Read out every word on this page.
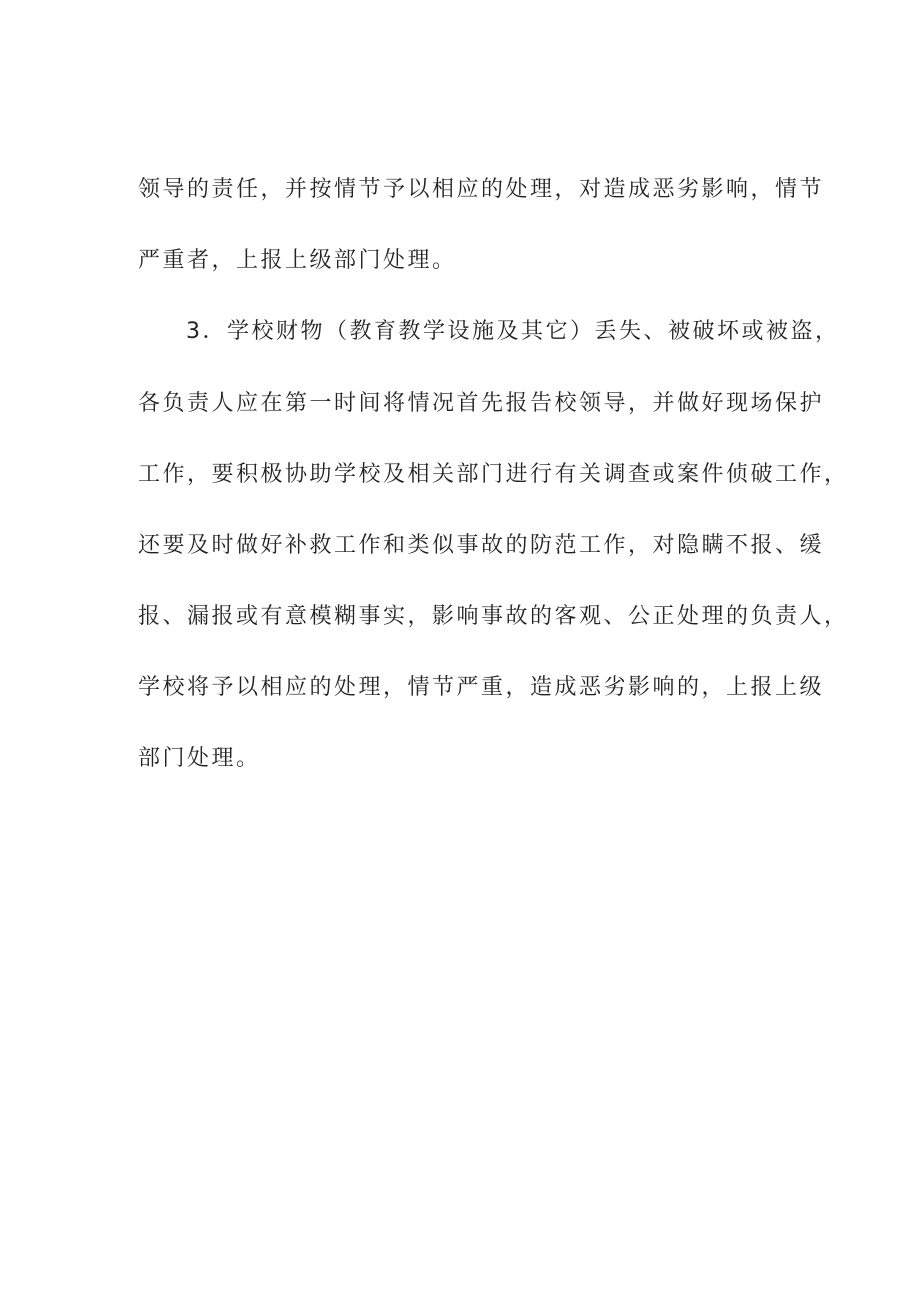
领导的责任，并按情节予以相应的处理，对造成恶劣影响，情节
严重者，上报上级部门处理。
3．学校财物（教育教学设施及其它）丢失、被破坏或被盗，
各负责人应在第一时间将情况首先报告校领导，并做好现场保护
工作，要积极协助学校及相关部门进行有关调查或案件侦破工作，
还要及时做好补救工作和类似事故的防范工作，对隐瞒不报、缓
报、漏报或有意模糊事实，影响事故的客观、公正处理的负责人，
学校将予以相应的处理，情节严重，造成恶劣影响的，上报上级
部门处理。
